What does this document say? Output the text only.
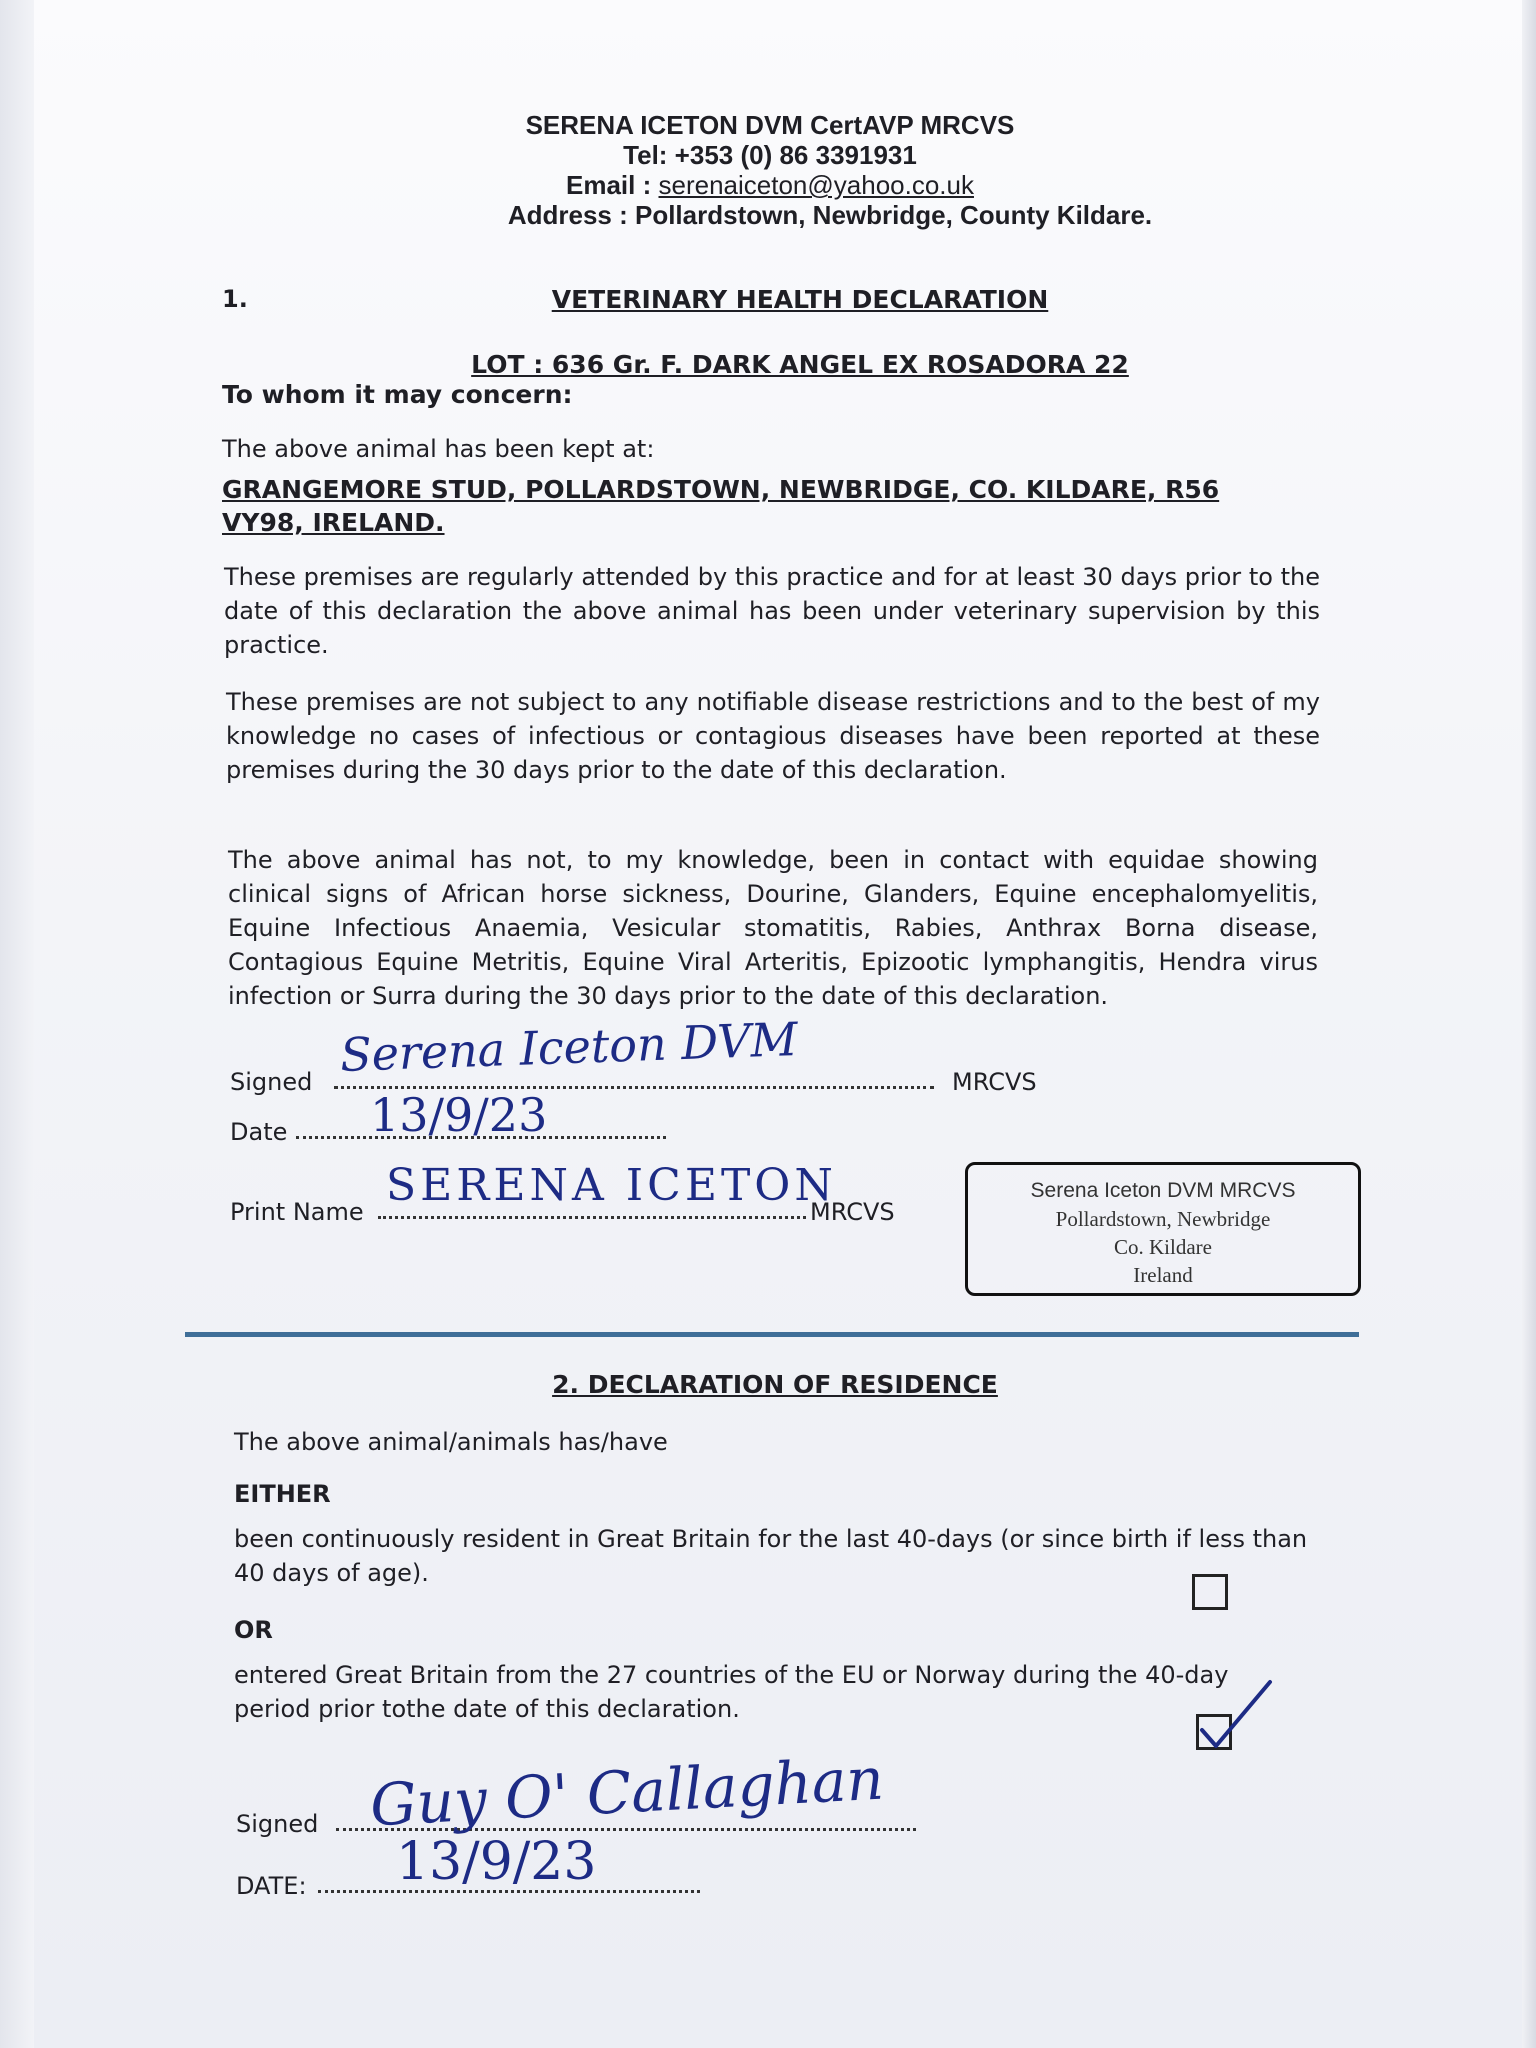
SERENA ICETON DVM CertAVP MRCVS
Tel: +353 (0) 86 3391931
Email : serenaiceton@yahoo.co.uk
Address : Pollardstown, Newbridge, County Kildare.
1.	VETERINARY HEALTH DECLARATION
LOT : 636 Gr. F. DARK ANGEL EX ROSADORA 22
To whom it may concern:
The above animal has been kept at:
GRANGEMORE STUD, POLLARDSTOWN, NEWBRIDGE, CO. KILDARE, R56 VY98, IRELAND.
These premises are regularly attended by this practice and for at least 30 days prior to the date of this declaration the above animal has been under veterinary supervision by this practice.
These premises are not subject to any notifiable disease restrictions and to the best of my knowledge no cases of infectious or contagious diseases have been reported at these premises during the 30 days prior to the date of this declaration.
The above animal has not, to my knowledge, been in contact with equidae showing clinical signs of African horse sickness, Dourine, Glanders, Equine encephalomyelitis, Equine Infectious Anaemia, Vesicular stomatitis, Rabies, Anthrax Borna disease, Contagious Equine Metritis, Equine Viral Arteritis, Epizootic lymphangitis, Hendra virus infection or Surra during the 30 days prior to the date of this declaration.
Signed
Serena Iceton DVM
MRCVS
Date 13/9/23
Print Name
SERENA ICETON
MRCVS
Serena Iceton DVM MRCVS
Pollardstown, Newbridge
Co. Kildare
Ireland
2. DECLARATION OF RESIDENCE
The above animal/animals has/have
EITHER
been continuously resident in Great Britain for the last 40-days (or since birth if less than 40 days of age).
OR
entered Great Britain from the 27 countries of the EU or Norway during the 40-day period prior tothe date of this declaration.
Signed Guy O' Callaghan
DATE: 13/9/23
